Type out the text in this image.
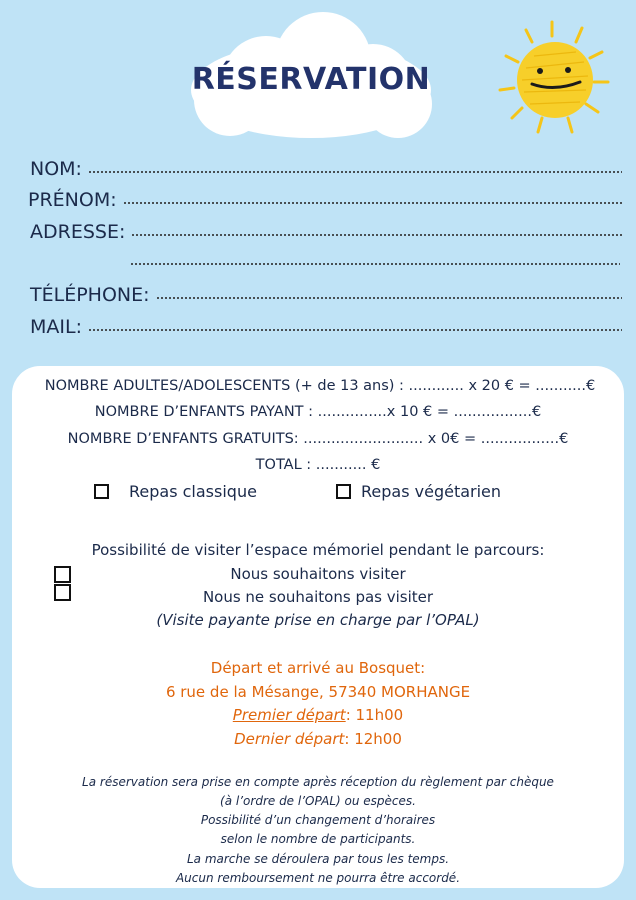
RÉSERVATION
NOM:
PRÉNOM:
ADRESSE:
TÉLÉPHONE:
MAIL:
NOMBRE ADULTES/ADOLESCENTS (+ de 13 ans) : ............ x 20 € = ...........€
NOMBRE D’ENFANTS PAYANT : ...............x 10 € = .................€
NOMBRE D’ENFANTS GRATUITS: .......................... x 0€ = .................€
TOTAL : ........... €
Repas classique	Repas végétarien
Possibilité de visiter l’espace mémoriel pendant le parcours:
Nous souhaitons visiter
Nous ne souhaitons pas visiter
(Visite payante prise en charge par l’OPAL)
Départ et arrivé au Bosquet:
6 rue de la Mésange, 57340 MORHANGE
Premier départ: 11h00
Dernier départ: 12h00
La réservation sera prise en compte après réception du règlement par chèque
(à l’ordre de l’OPAL) ou espèces.
Possibilité d’un changement d’horaires
selon le nombre de participants.
La marche se déroulera par tous les temps.
Aucun remboursement ne pourra être accordé.
